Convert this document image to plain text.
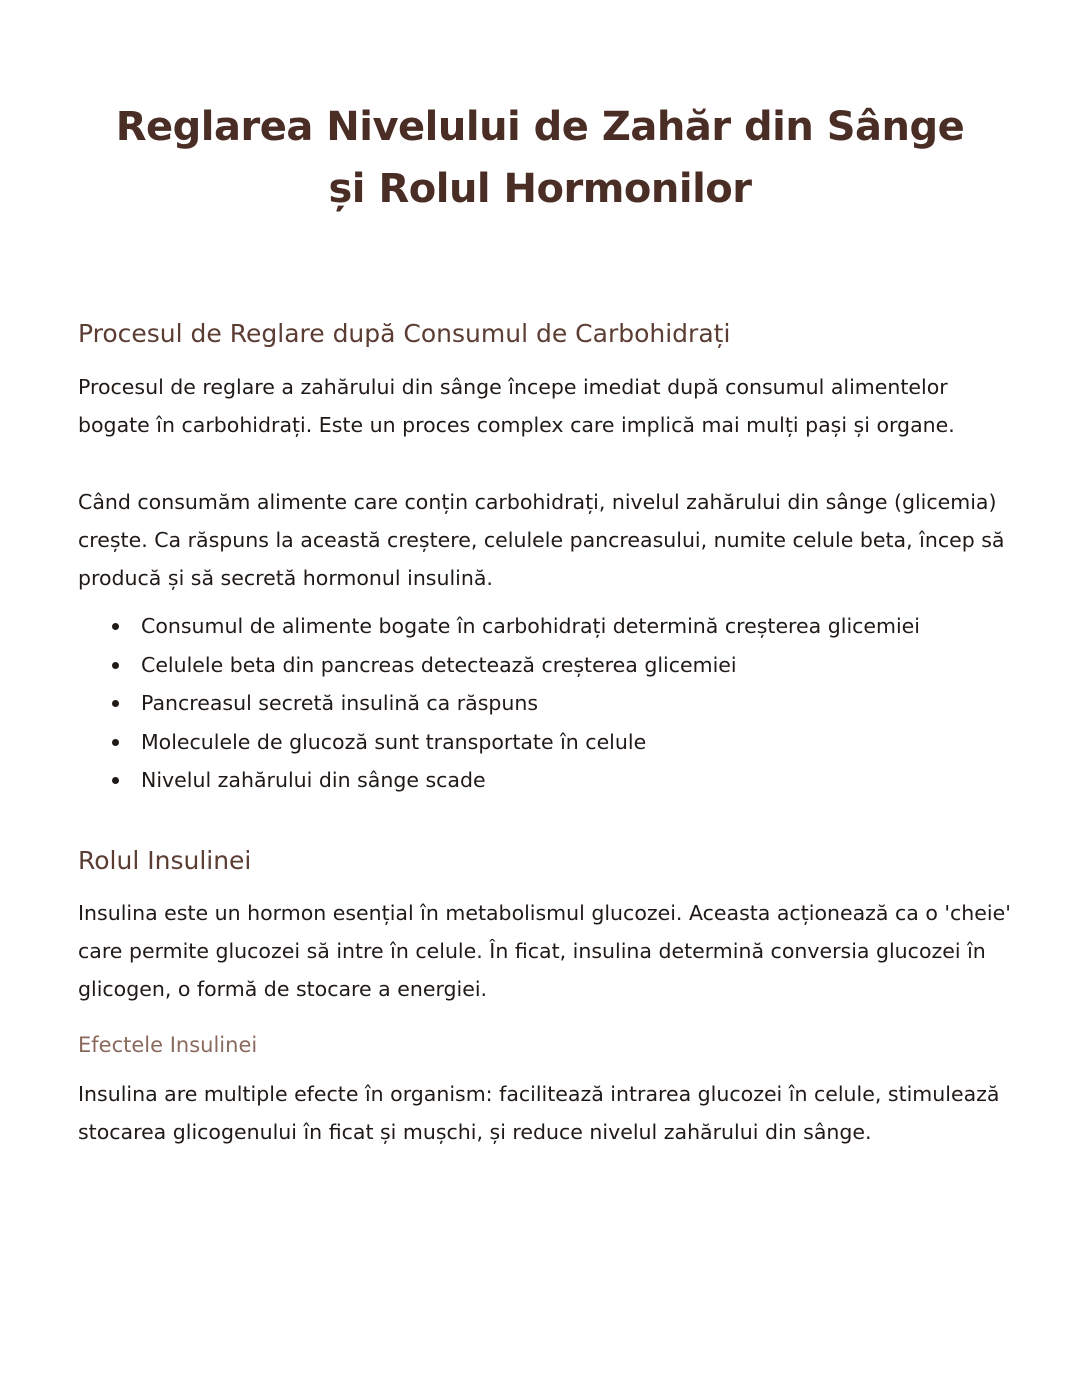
Reglarea Nivelului de Zahăr din Sânge și Rolul Hormonilor
Procesul de Reglare după Consumul de Carbohidrați

Procesul de reglare a zahărului din sânge începe imediat după consumul alimentelor bogate în carbohidrați. Este un proces complex care implică mai mulți pași și organe.

Când consumăm alimente care conțin carbohidrați, nivelul zahărului din sânge (glicemia) crește. Ca răspuns la această creștere, celulele pancreasului, numite celule beta, încep să producă și să secretă hormonul insulină.

Consumul de alimente bogate în carbohidrați determină creșterea glicemiei
Celulele beta din pancreas detectează creșterea glicemiei
Pancreasul secretă insulină ca răspuns
Moleculele de glucoză sunt transportate în celule
Nivelul zahărului din sânge scade
Rolul Insulinei

Insulina este un hormon esențial în metabolismul glucozei. Aceasta acționează ca o 'cheie' care permite glucozei să intre în celule. În ficat, insulina determină conversia glucozei în glicogen, o formă de stocare a energiei.

Efectele Insulinei

Insulina are multiple efecte în organism: facilitează intrarea glucozei în celule, stimulează stocarea glicogenului în ficat și mușchi, și reduce nivelul zahărului din sânge.
